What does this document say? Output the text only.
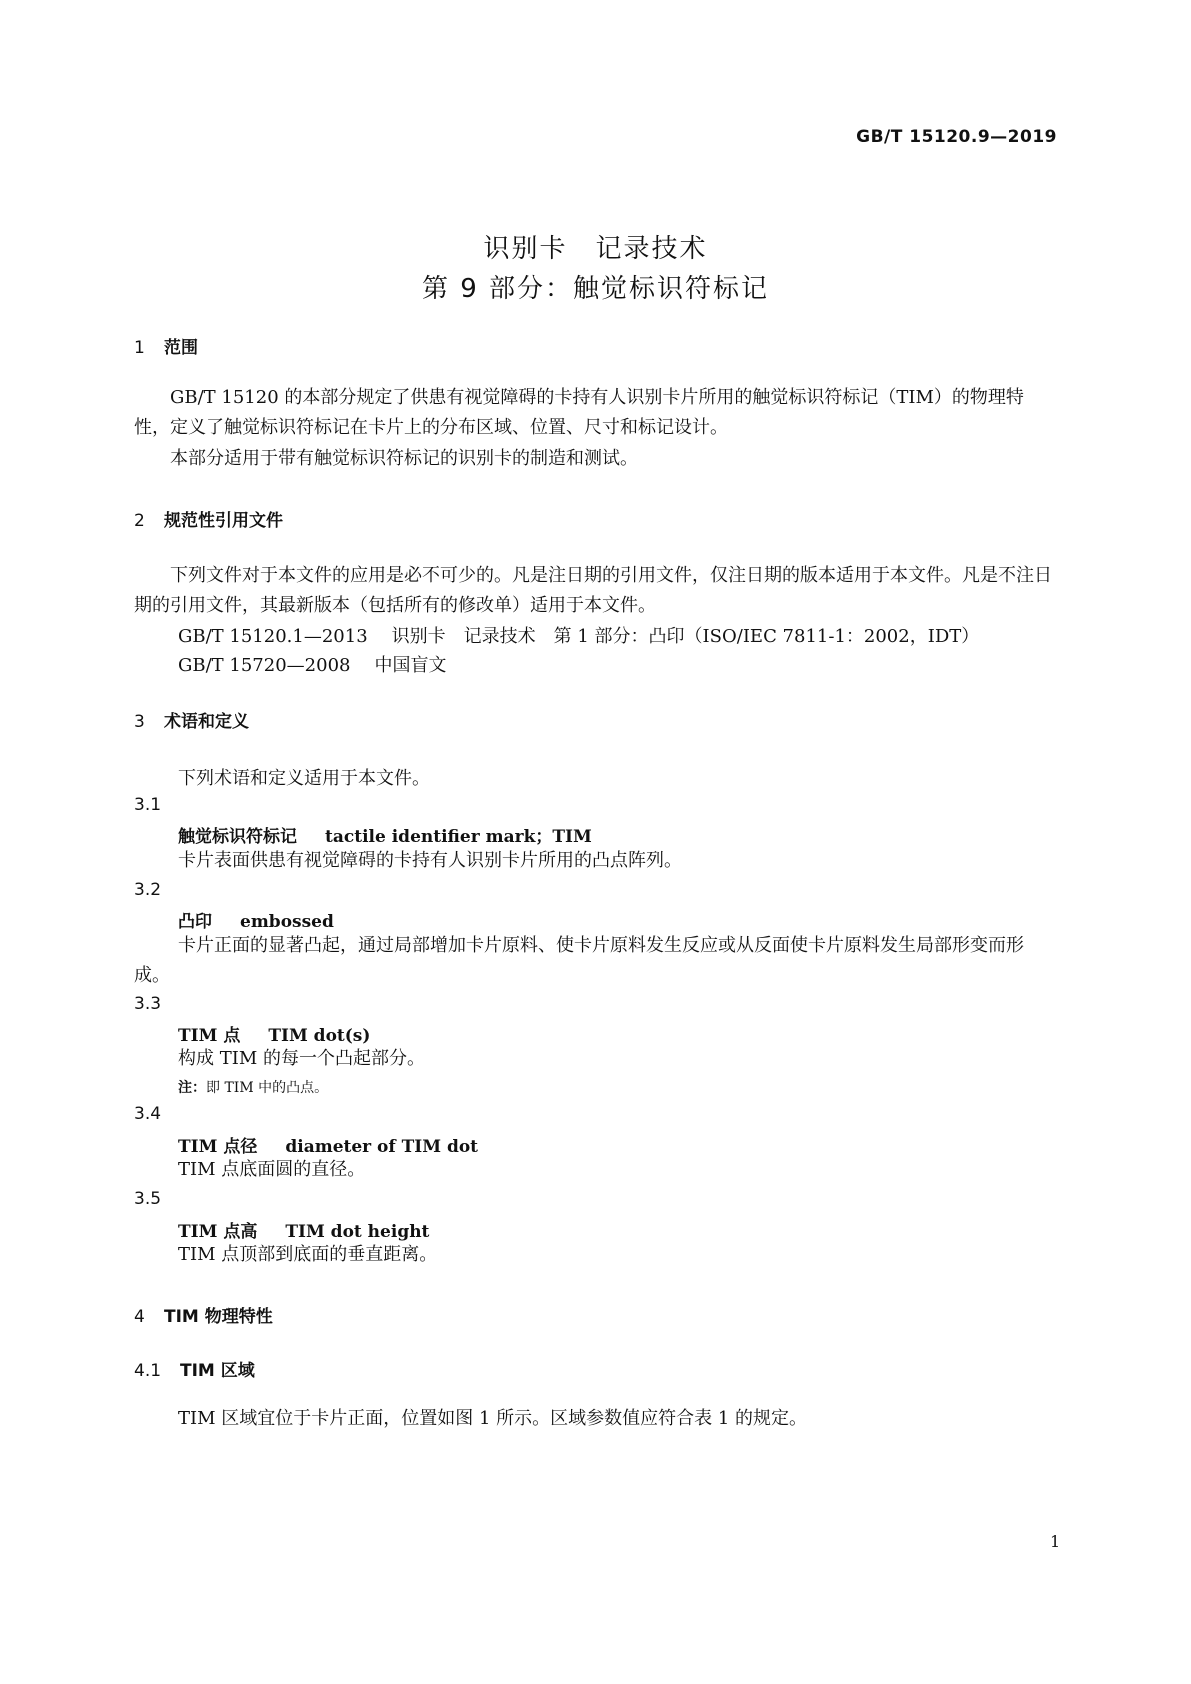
GB/T 15120.9—2019
识别卡　记录技术
第 9 部分：触觉标识符标记
1 范围
GB/T 15120 的本部分规定了供患有视觉障碍的卡持有人识别卡片所用的触觉标识符标记（TIM）的物理特性，定义了触觉标识符标记在卡片上的分布区域、位置、尺寸和标记设计。
本部分适用于带有触觉标识符标记的识别卡的制造和测试。
2 规范性引用文件
下列文件对于本文件的应用是必不可少的。凡是注日期的引用文件，仅注日期的版本适用于本文件。凡是不注日期的引用文件，其最新版本（包括所有的修改单）适用于本文件。
GB/T 15120.1—2013 识别卡　记录技术　第 1 部分：凸印（ISO/IEC 7811-1：2002，IDT）
GB/T 15720—2008 中国盲文
3 术语和定义
下列术语和定义适用于本文件。
3.1
触觉标识符标记 tactile identifier mark；TIM
卡片表面供患有视觉障碍的卡持有人识别卡片所用的凸点阵列。
3.2
凸印 embossed
卡片正面的显著凸起，通过局部增加卡片原料、使卡片原料发生反应或从反面使卡片原料发生局部形变而形成。
3.3
TIM 点 TIM dot(s)
构成 TIM 的每一个凸起部分。
注：即 TIM 中的凸点。
3.4
TIM 点径 diameter of TIM dot
TIM 点底面圆的直径。
3.5
TIM 点高 TIM dot height
TIM 点顶部到底面的垂直距离。
4 TIM 物理特性
4.1 TIM 区域
TIM 区域宜位于卡片正面，位置如图 1 所示。区域参数值应符合表 1 的规定。
1
